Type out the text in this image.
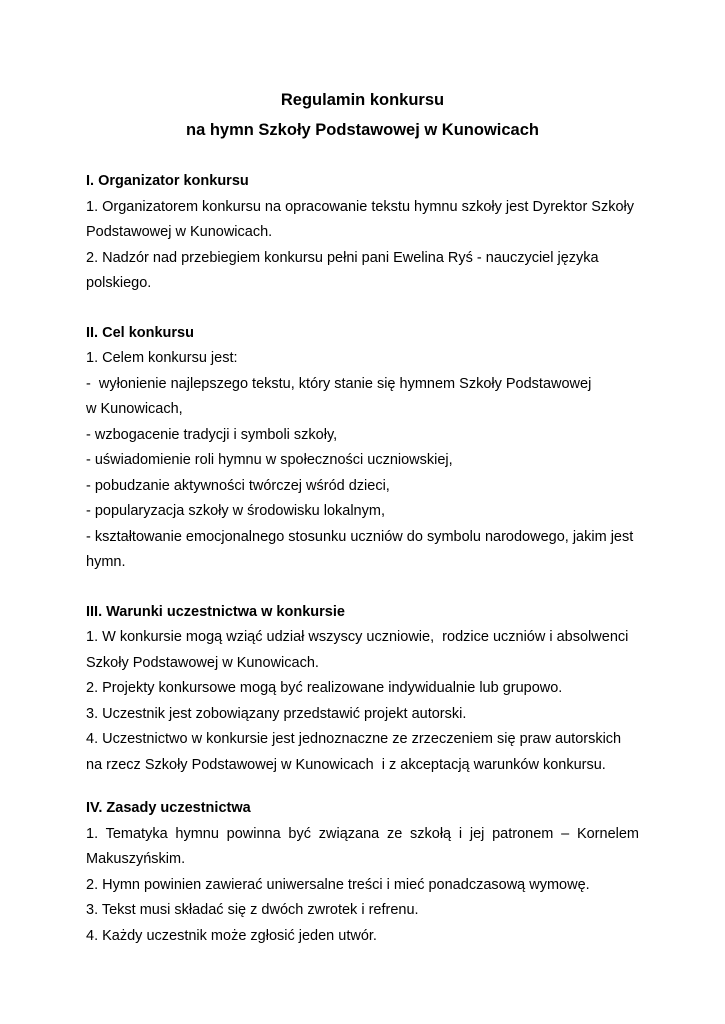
Regulamin konkursu

na hymn Szkoły Podstawowej w Kunowicach

I. Organizator konkursu

1. Organizatorem konkursu na opracowanie tekstu hymnu szkoły jest Dyrektor Szkoły

Podstawowej w Kunowicach.

2. Nadzór nad przebiegiem konkursu pełni pani Ewelina Ryś - nauczyciel języka

polskiego.

II. Cel konkursu

1. Celem konkursu jest:

-  wyłonienie najlepszego tekstu, który stanie się hymnem Szkoły Podstawowej

w Kunowicach,

- wzbogacenie tradycji i symboli szkoły,

- uświadomienie roli hymnu w społeczności uczniowskiej,

- pobudzanie aktywności twórczej wśród dzieci,

- popularyzacja szkoły w środowisku lokalnym,

- kształtowanie emocjonalnego stosunku uczniów do symbolu narodowego, jakim jest

hymn.

III. Warunki uczestnictwa w konkursie

1. W konkursie mogą wziąć udział wszyscy uczniowie,  rodzice uczniów i absolwenci

Szkoły Podstawowej w Kunowicach.

2. Projekty konkursowe mogą być realizowane indywidualnie lub grupowo.

3. Uczestnik jest zobowiązany przedstawić projekt autorski.

4. Uczestnictwo w konkursie jest jednoznaczne ze zrzeczeniem się praw autorskich

na rzecz Szkoły Podstawowej w Kunowicach  i z akceptacją warunków konkursu.

IV. Zasady uczestnictwa

1. Tematyka hymnu powinna być związana ze szkołą i jej patronem – Kornelem

Makuszyńskim.

2. Hymn powinien zawierać uniwersalne treści i mieć ponadczasową wymowę.

3. Tekst musi składać się z dwóch zwrotek i refrenu.

4. Każdy uczestnik może zgłosić jeden utwór.
